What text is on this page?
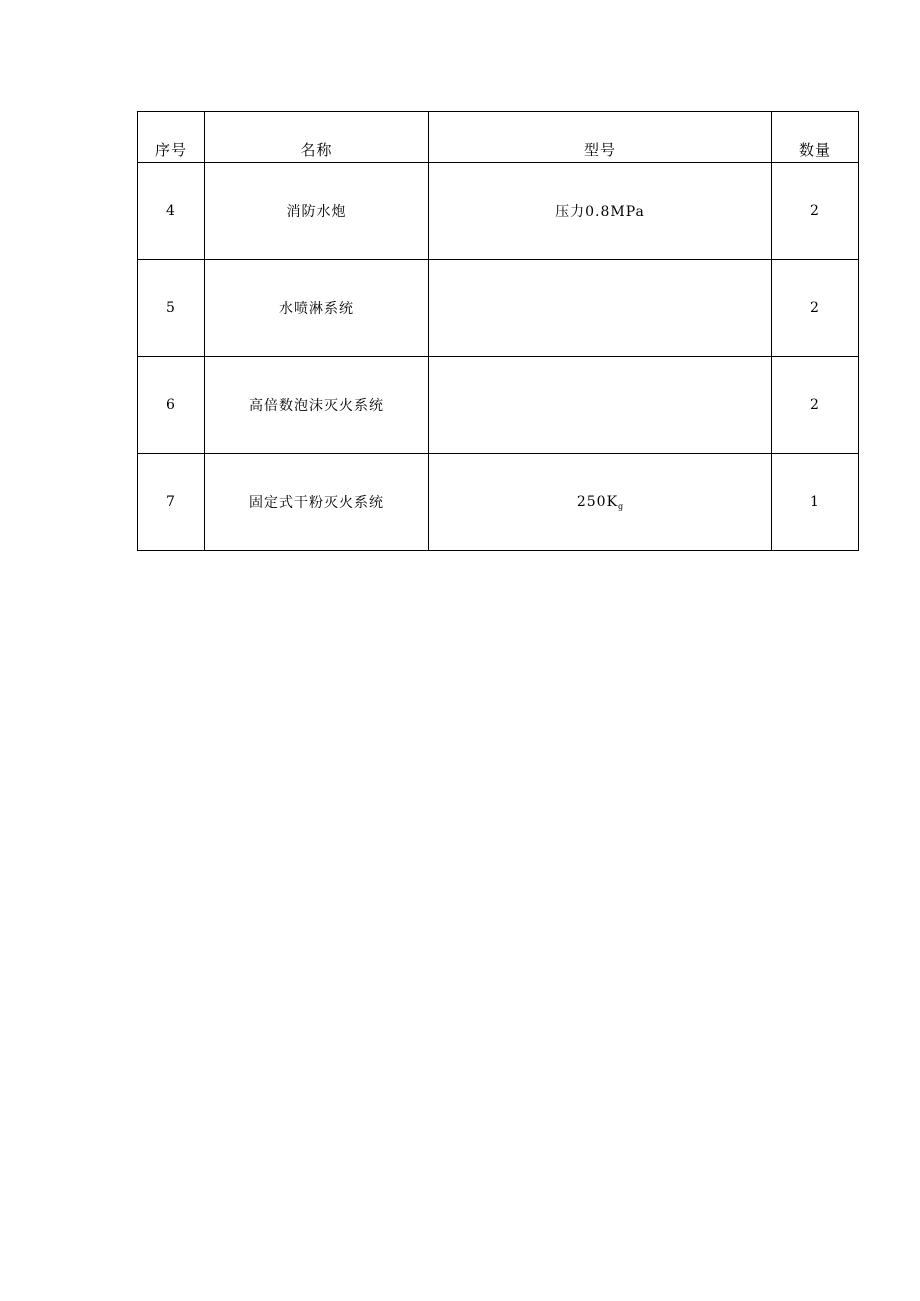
序号	名称	型号	数量
4	消防水炮	压力0.8MPa	2
5	水喷淋系统		2
6	高倍数泡沫灭火系统		2
7	固定式干粉灭火系统	$250K_g$	1
